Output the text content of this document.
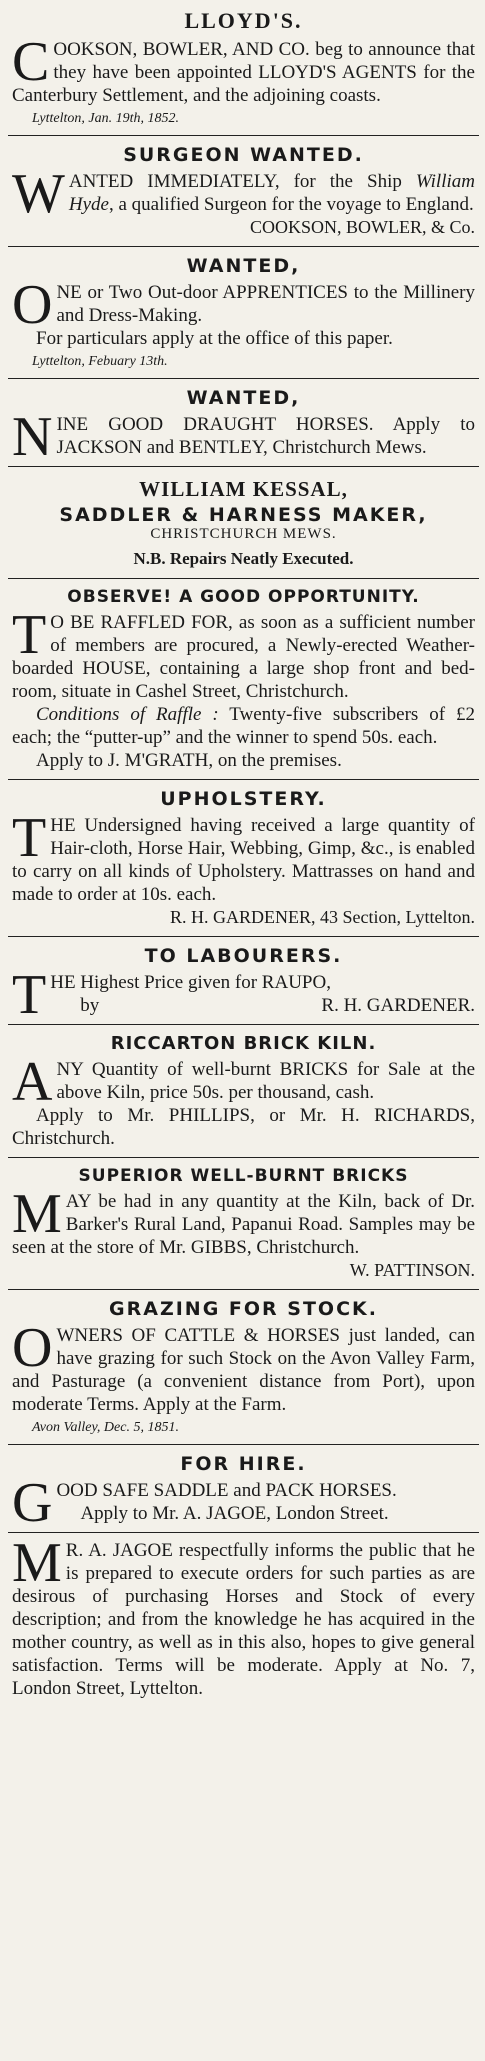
LLOYD'S.

COOKSON, BOWLER, AND CO. beg to announce that they have been appointed LLOYD'S AGENTS for the Canterbury Settlement, and the adjoining coasts.

Lyttelton, Jan. 19th, 1852.
SURGEON WANTED.

WANTED IMMEDIATELY, for the Ship William Hyde, a qualified Surgeon for the voyage to England.

COOKSON, BOWLER, & Co.

WANTED,

ONE or Two Out-door APPRENTICES to the Millinery and Dress-Making.

For particulars apply at the office of this paper.

Lyttelton, Febuary 13th.
WANTED,

NINE GOOD DRAUGHT HORSES. Apply to JACKSON and BENTLEY, Christchurch Mews.

WILLIAM KESSAL,
SADDLER & HARNESS MAKER,
CHRISTCHURCH MEWS.
N.B. Repairs Neatly Executed.
OBSERVE! A GOOD OPPORTUNITY.

T O BE RAFFLED FOR, as soon as a sufficient number of members are procured, a Newly-erected Weather-boarded HOUSE, containing a large shop front and bed-room, situate in Cashel Street, Christchurch.

Conditions of Raffle : Twenty-five subscribers of £2 each; the “putter-up” and the winner to spend 50s. each.

Apply to J. M'GRATH, on the premises.

UPHOLSTERY.

THE Undersigned having received a large quantity of Hair-cloth, Horse Hair, Webbing, Gimp, &c., is enabled to carry on all kinds of Upholstery. Mattrasses on hand and made to order at 10s. each.

R. H. GARDENER, 43 Section, Lyttelton.

TO LABOURERS.

THE Highest Price given for RAUPO,
by	R. H. GARDENER.

RICCARTON BRICK KILN.

ANY Quantity of well-burnt BRICKS for Sale at the above Kiln, price 50s. per thousand, cash.

Apply to Mr. PHILLIPS, or Mr. H. RICHARDS, Christchurch.

SUPERIOR WELL-BURNT BRICKS

MAY be had in any quantity at the Kiln, back of Dr. Barker's Rural Land, Papanui Road. Samples may be seen at the store of Mr. GIBBS, Christchurch.

W. PATTINSON.

GRAZING FOR STOCK.

OWNERS OF CATTLE & HORSES just landed, can have grazing for such Stock on the Avon Valley Farm, and Pasturage (a convenient distance from Port), upon moderate Terms. Apply at the Farm.

Avon Valley, Dec. 5, 1851.
FOR HIRE.

GOOD SAFE SADDLE and PACK HORSES.

Apply to Mr. A. JAGOE, London Street.

M R. A. JAGOE respectfully informs the public that he is prepared to execute orders for such parties as are desirous of purchasing Horses and Stock of every description; and from the knowledge he has acquired in the mother country, as well as in this also, hopes to give general satisfaction. Terms will be moderate. Apply at No. 7, London Street, Lyttelton.
